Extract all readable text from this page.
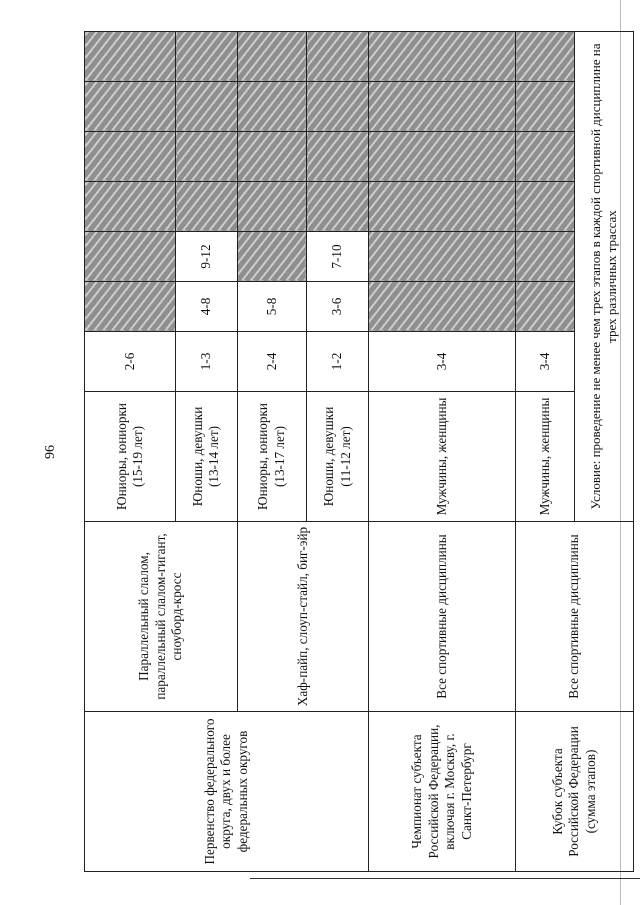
96
Первенство федерального округа, двух и более федеральных округов	Параллельный слалом, параллельный слалом-гигант, сноуборд-кросс	Юниоры, юниорки (15-19 лет)	2-6						
		Юноши, девушки (13-14 лет)	1-3	4-8	9-12				
	Хаф-пайп, слоуп-стайл, биг-эйр	Юниоры, юниорки (13-17 лет)	2-4	5-8					
		Юноши, девушки (11-12 лет)	1-2	3-6	7-10				
Чемпионат субъекта Российской Федерации, включая г. Москву, г. Санкт-Петербург	Все спортивные дисциплины	Мужчины, женщины	3-4						
Кубок субъекта Российской Федерации (сумма этапов)	Все спортивные дисциплины	Мужчины, женщины	3-4						
		Условие: проведение не менее чем трех этапов в каждой спортивной дисциплине на трех различных трассах							
